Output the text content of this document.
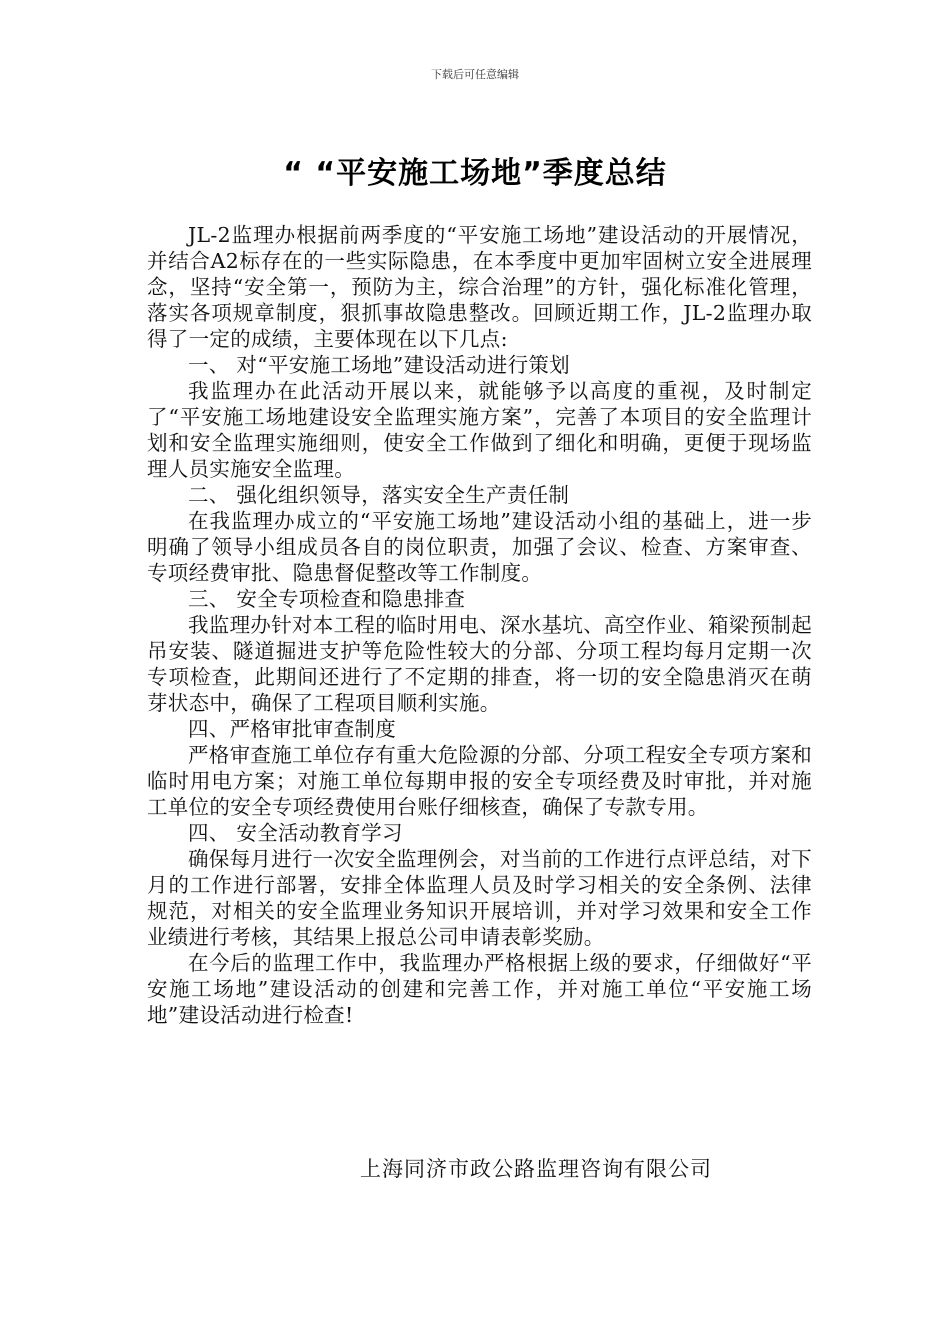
下载后可任意编辑
“ “平安施工场地”季度总结

JL-2监理办根据前两季度的“平安施工场地”建设活动的开展情况，并结合A2标存在的一些实际隐患，在本季度中更加牢固树立安全进展理念，坚持“安全第一，预防为主，综合治理”的方针，强化标准化管理，落实各项规章制度，狠抓事故隐患整改。回顾近期工作，JL-2监理办取得了一定的成绩，主要体现在以下几点:

一、 对“平安施工场地”建设活动进行策划

我监理办在此活动开展以来，就能够予以高度的重视，及时制定了“平安施工场地建设安全监理实施方案”，完善了本项目的安全监理计划和安全监理实施细则，使安全工作做到了细化和明确，更便于现场监理人员实施安全监理。

二、 强化组织领导，落实安全生产责任制

在我监理办成立的“平安施工场地”建设活动小组的基础上，进一步明确了领导小组成员各自的岗位职责，加强了会议、检查、方案审查、专项经费审批、隐患督促整改等工作制度。

三、 安全专项检查和隐患排查

我监理办针对本工程的临时用电、深水基坑、高空作业、箱梁预制起吊安装、隧道掘进支护等危险性较大的分部、分项工程均每月定期一次专项检查，此期间还进行了不定期的排查，将一切的安全隐患消灭在萌芽状态中，确保了工程项目顺利实施。

四、严格审批审查制度

严格审查施工单位存有重大危险源的分部、分项工程安全专项方案和临时用电方案；对施工单位每期申报的安全专项经费及时审批，并对施工单位的安全专项经费使用台账仔细核查，确保了专款专用。

四、 安全活动教育学习

确保每月进行一次安全监理例会，对当前的工作进行点评总结，对下月的工作进行部署，安排全体监理人员及时学习相关的安全条例、法律规范，对相关的安全监理业务知识开展培训，并对学习效果和安全工作业绩进行考核，其结果上报总公司申请表彰奖励。

在今后的监理工作中，我监理办严格根据上级的要求，仔细做好“平安施工场地”建设活动的创建和完善工作，并对施工单位“平安施工场地”建设活动进行检查!

上海同济市政公路监理咨询有限公司
